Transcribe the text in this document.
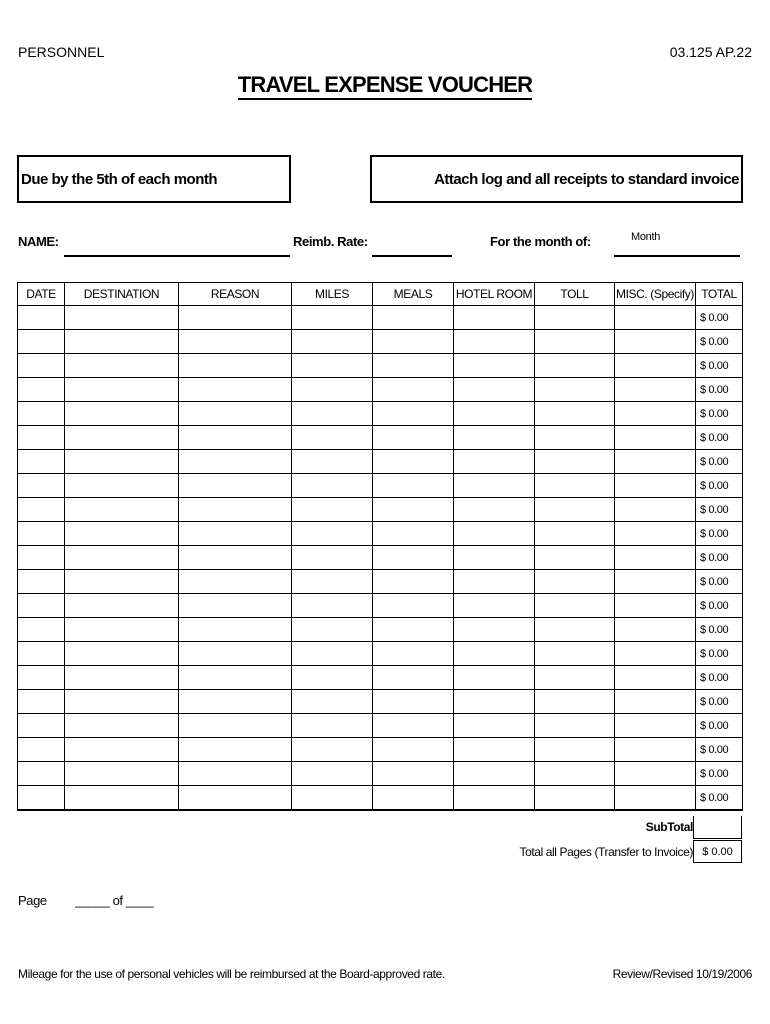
PERSONNEL	03.125 AP.22
TRAVEL EXPENSE VOUCHER
Due by the 5th of each month	Attach log and all receipts to standard invoice
NAME:	Reimb. Rate:	For the month of:	Month
DATE	DESTINATION	REASON	MILES	MEALS	HOTEL ROOM	TOLL	MISC. (Specify)	TOTAL
								$ 0.00
								$ 0.00
								$ 0.00
								$ 0.00
								$ 0.00
								$ 0.00
								$ 0.00
								$ 0.00
								$ 0.00
								$ 0.00
								$ 0.00
								$ 0.00
								$ 0.00
								$ 0.00
								$ 0.00
								$ 0.00
								$ 0.00
								$ 0.00
								$ 0.00
								$ 0.00
								$ 0.00
SubTotal
Total all Pages (Transfer to Invoice) $ 0.00
Page _____ of ____
Mileage for the use of personal vehicles will be reimbursed at the Board-approved rate.	Review/Revised 10/19/2006
